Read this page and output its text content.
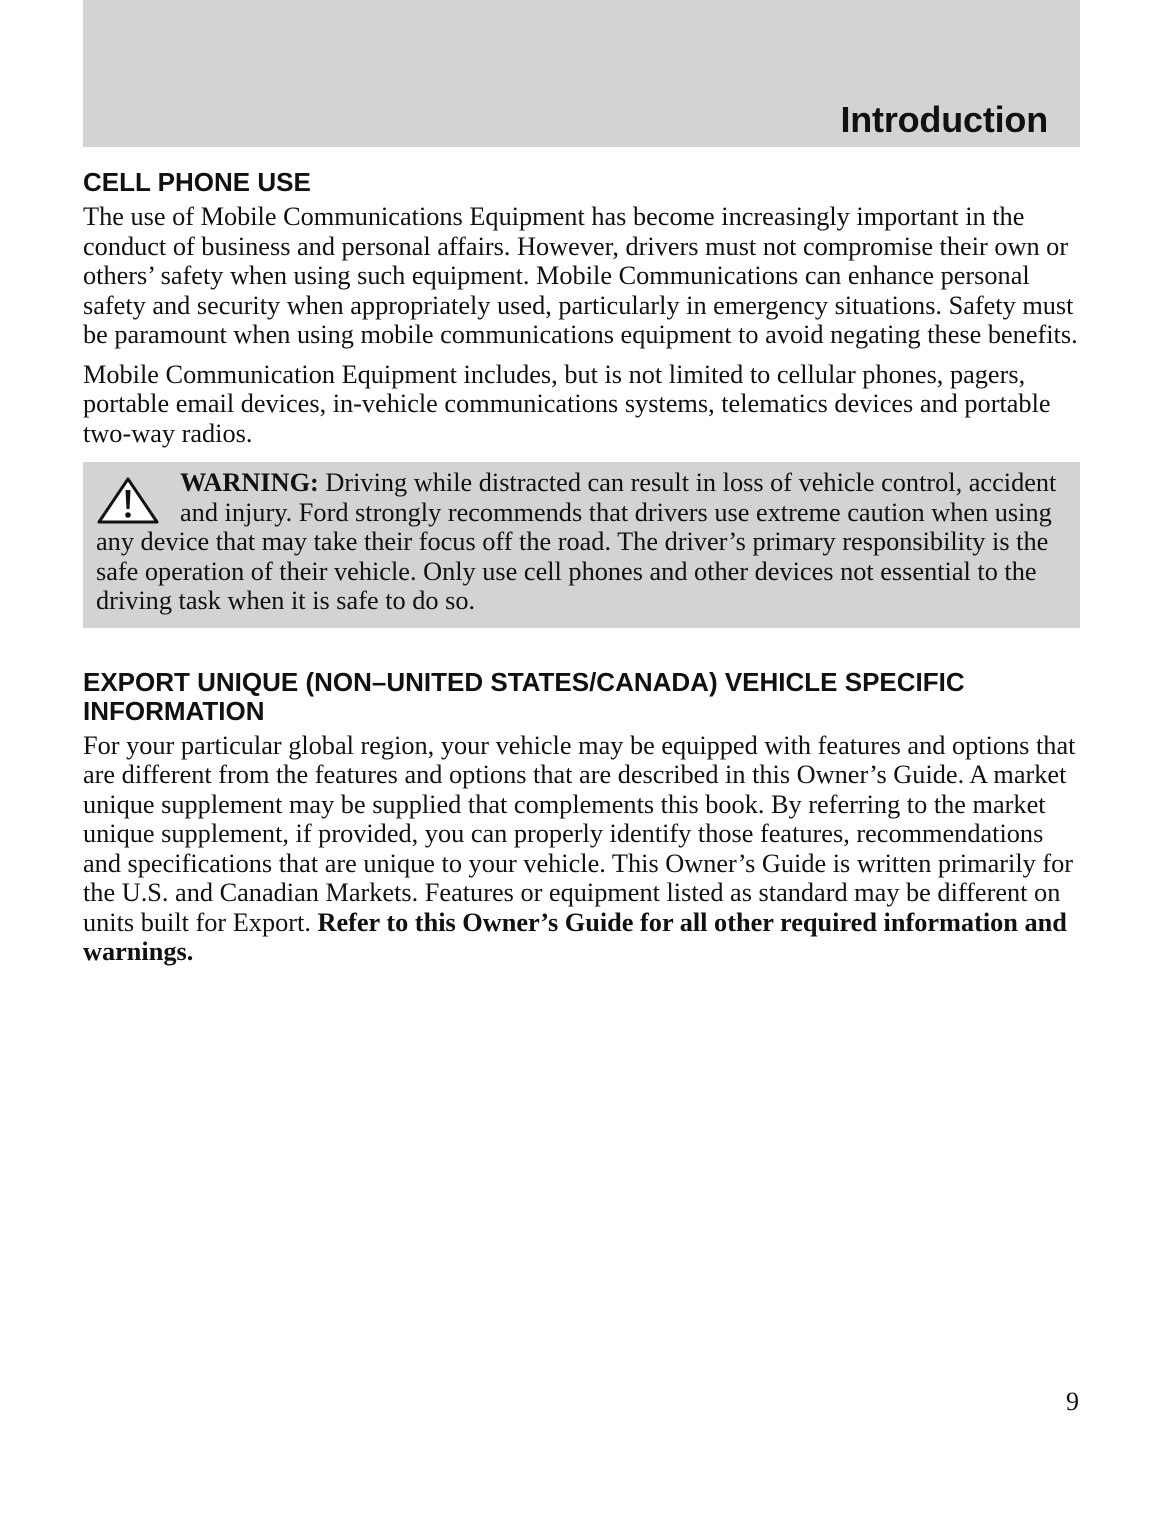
Introduction
CELL PHONE USE

The use of Mobile Communications Equipment has become increasingly important in the conduct of business and personal affairs. However, drivers must not compromise their own or others’ safety when using such equipment. Mobile Communications can enhance personal safety and security when appropriately used, particularly in emergency situations. Safety must be paramount when using mobile communications equipment to avoid negating these benefits.

Mobile Communication Equipment includes, but is not limited to cellular phones, pagers, portable email devices, in-vehicle communications systems, telematics devices and portable two-way radios.

WARNING: Driving while distracted can result in loss of vehicle control, accident and injury. Ford strongly recommends that drivers use extreme caution when using any device that may take their focus off the road. The driver’s primary responsibility is the safe operation of their vehicle. Only use cell phones and other devices not essential to the driving task when it is safe to do so.

EXPORT UNIQUE (NON–UNITED STATES/CANADA) VEHICLE SPECIFIC INFORMATION

For your particular global region, your vehicle may be equipped with features and options that are different from the features and options that are described in this Owner’s Guide. A market unique supplement may be supplied that complements this book. By referring to the market unique supplement, if provided, you can properly identify those features, recommendations and specifications that are unique to your vehicle. This Owner’s Guide is written primarily for the U.S. and Canadian Markets. Features or equipment listed as standard may be different on units built for Export. Refer to this Owner’s Guide for all other required information and warnings.

9
